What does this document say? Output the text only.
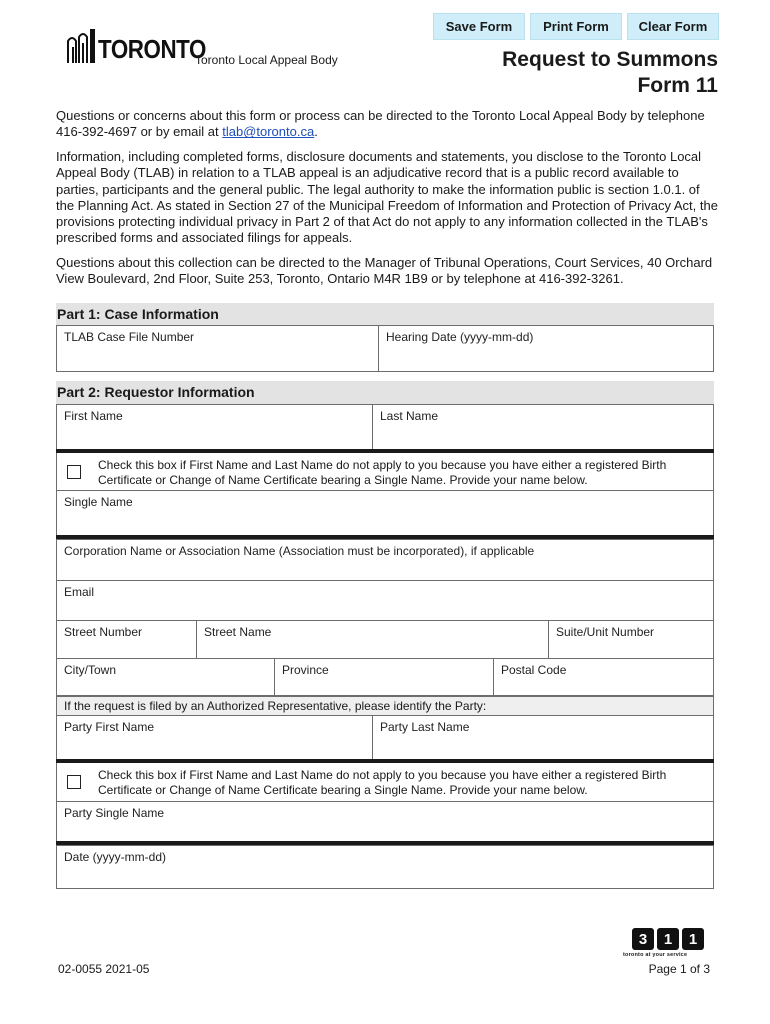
Save Form	Print Form	Clear Form
TORONTO
Toronto Local Appeal Body	Request to Summons
Form 11
Questions or concerns about this form or process can be directed to the Toronto Local Appeal Body by telephone 416-392-4697 or by email at tlab@toronto.ca.
Information, including completed forms, disclosure documents and statements, you disclose to the Toronto Local Appeal Body (TLAB) in relation to a TLAB appeal is an adjudicative record that is a public record available to parties, participants and the general public. The legal authority to make the information public is section 1.0.1. of the Planning Act. As stated in Section 27 of the Municipal Freedom of Information and Protection of Privacy Act, the provisions protecting individual privacy in Part 2 of that Act do not apply to any information collected in the TLAB's prescribed forms and associated filings for appeals.
Questions about this collection can be directed to the Manager of Tribunal Operations, Court Services, 40 Orchard View Boulevard, 2nd Floor, Suite 253, Toronto, Ontario M4R 1B9 or by telephone at 416-392-3261.
Part 1: Case Information
TLAB Case File Number	Hearing Date (yyyy-mm-dd)
Part 2: Requestor Information
First Name	Last Name
Check this box if First Name and Last Name do not apply to you because you have either a registered Birth Certificate or Change of Name Certificate bearing a Single Name. Provide your name below.
Single Name
Corporation Name or Association Name (Association must be incorporated), if applicable
Email
Street Number	Street Name	Suite/Unit Number
City/Town	Province	Postal Code
If the request is filed by an Authorized Representative, please identify the Party:
Party First Name	Party Last Name
Check this box if First Name and Last Name do not apply to you because you have either a registered Birth Certificate or Change of Name Certificate bearing a Single Name. Provide your name below.
Party Single Name
Date (yyyy-mm-dd)
3 1 1
toronto at your service
02-0055 2021-05	Page 1 of 3
